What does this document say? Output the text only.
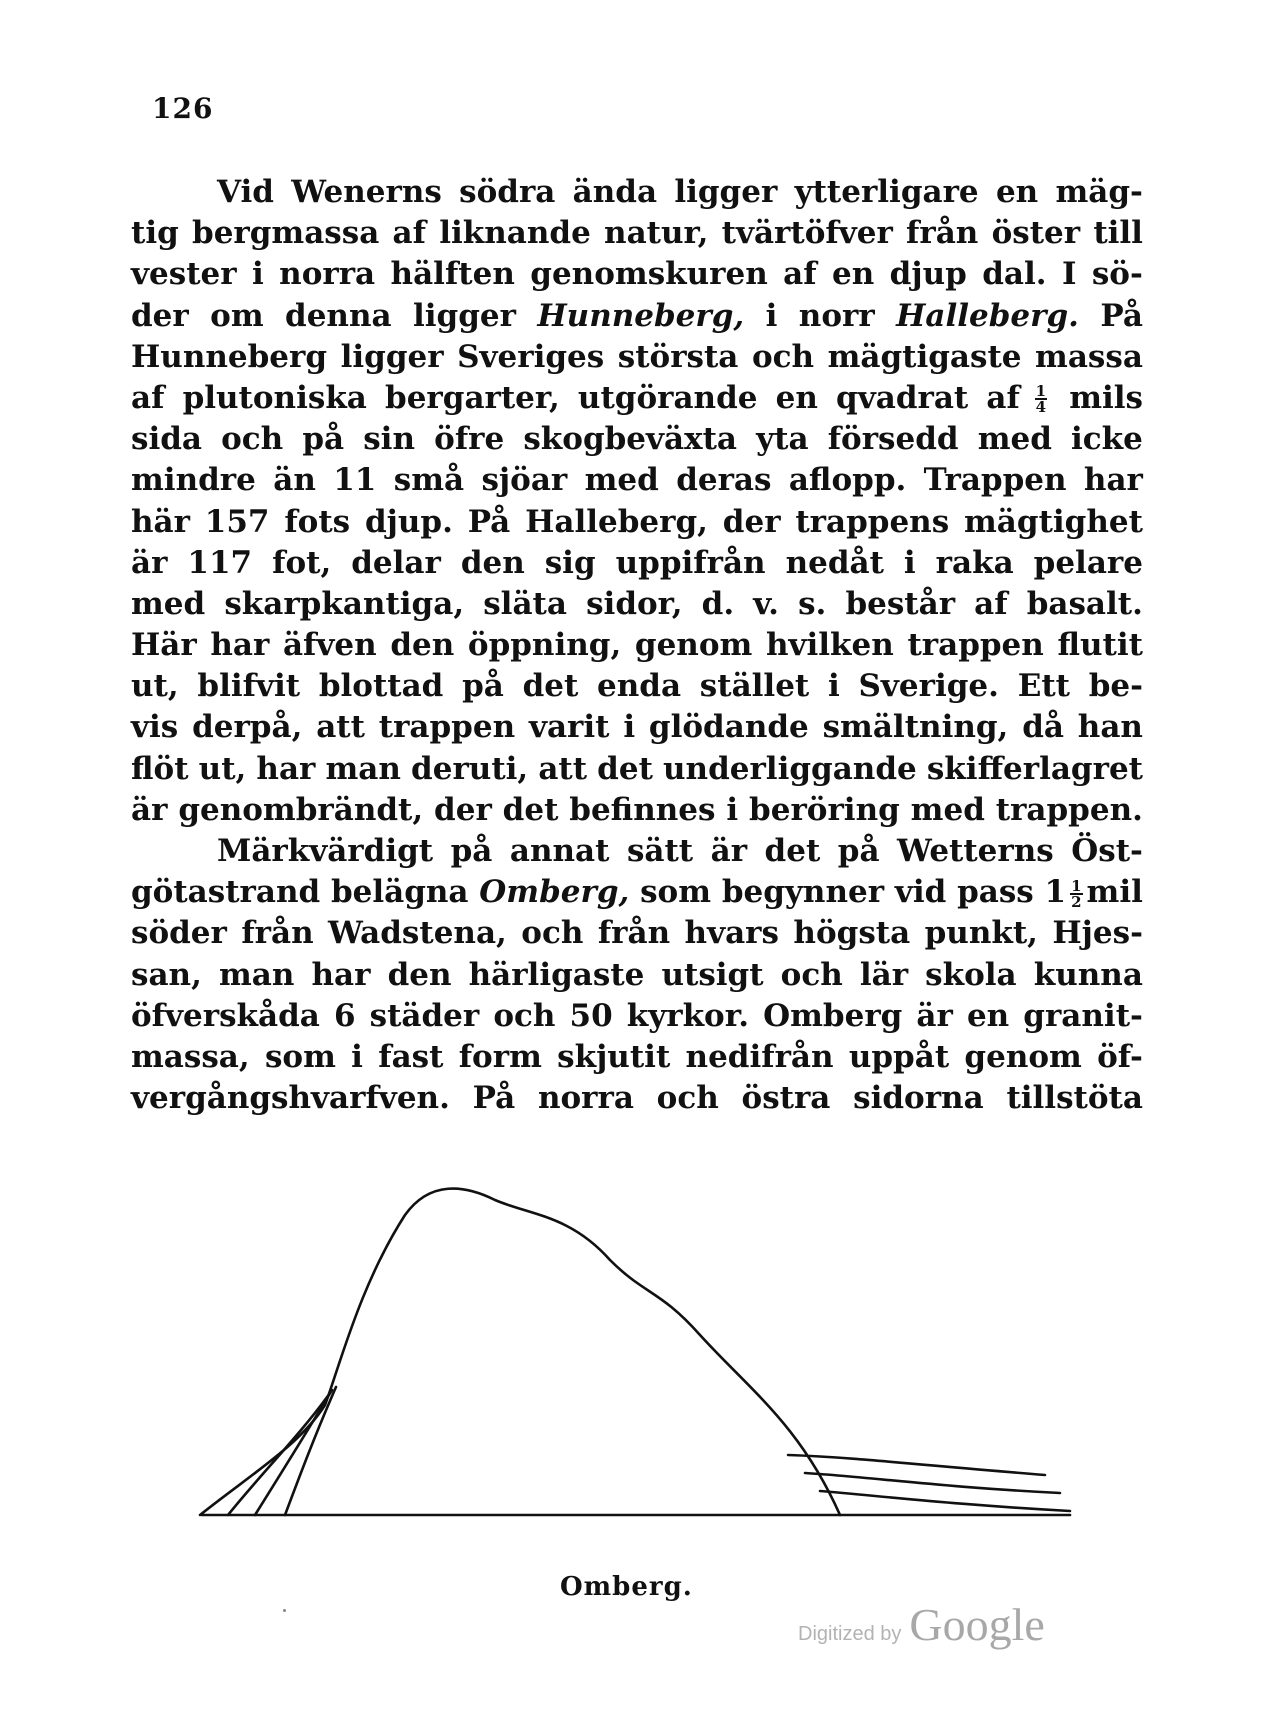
126
Vid Wenerns södra ända ligger ytterligare en mäg-
tig bergmassa af liknande natur, tvärtöfver från öster till
vester i norra hälften genomskuren af en djup dal. I sö-
der om denna ligger Hunneberg, i norr Halleberg. På
Hunneberg ligger Sveriges största och mägtigaste massa
af plutoniska bergarter, utgörande en qvadrat af $\frac{1}{4}$ mils
sida och på sin öfre skogbeväxta yta försedd med icke
mindre än 11 små sjöar med deras aflopp. Trappen har
här 157 fots djup. På Halleberg, der trappens mägtighet
är 117 fot, delar den sig uppifrån nedåt i raka pelare
med skarpkantiga, släta sidor, d. v. s. består af basalt.
Här har äfven den öppning, genom hvilken trappen flutit
ut, blifvit blottad på det enda stället i Sverige. Ett be-
vis derpå, att trappen varit i glödande smältning, då han
flöt ut, har man deruti, att det underliggande skifferlagret
är genombrändt, der det befinnes i beröring med trappen.
Märkvärdigt på annat sätt är det på Wetterns Öst-
götastrand belägna Omberg, som begynner vid pass $1 \frac{1}{2}$ mil
söder från Wadstena, och från hvars högsta punkt, Hjes-
san, man har den härligaste utsigt och lär skola kunna
öfverskåda 6 städer och 50 kyrkor. Omberg är en granit-
massa, som i fast form skjutit nedifrån uppåt genom öf-
vergångshvarfven. På norra och östra sidorna tillstöta
Omberg.
Digitized by Google
